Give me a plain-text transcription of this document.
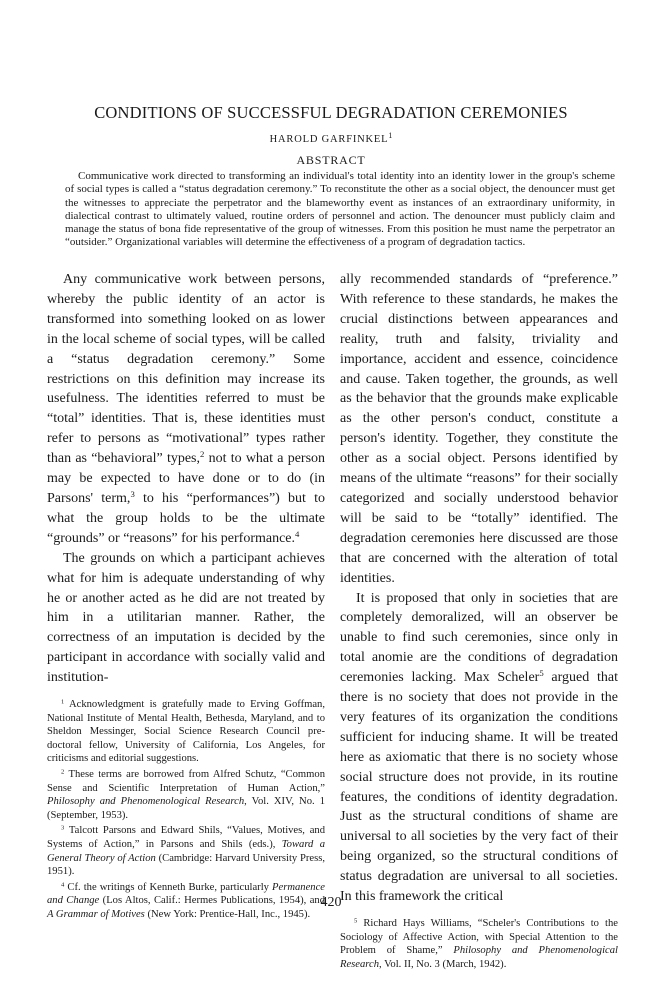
CONDITIONS OF SUCCESSFUL DEGRADATION CEREMONIES
HAROLD GARFINKEL$^1$
ABSTRACT

Communicative work directed to transforming an individual's total identity into an identity lower in the group's scheme of social types is called a “status degradation ceremony.” To reconstitute the other as a social object, the denouncer must get the witnesses to appreciate the perpetrator and the blameworthy event as instances of an extraordinary uniformity, in dialectical contrast to ultimately valued, routine orders of personnel and action. The denouncer must publicly claim and manage the status of bona fide representative of the group of witnesses. From this position he must name the perpetrator an “outsider.” Organizational variables will determine the effectiveness of a program of degradation tactics.

Any communicative work between persons, whereby the public identity of an actor is transformed into something looked on as lower in the local scheme of social types, will be called a “status degradation ceremony.” Some restrictions on this definition may increase its usefulness. The identities referred to must be “total” identities. That is, these identities must refer to persons as “motivational” types rather than as “behavioral” types,$^2$ not to what a person may be expected to have done or to do (in Parsons' term,$^3$ to his “performances”) but to what the group holds to be the ultimate “grounds” or “reasons” for his performance.$^4$

The grounds on which a participant achieves what for him is adequate understanding of why he or another acted as he did are not treated by him in a utilitarian manner. Rather, the correctness of an imputation is decided by the participant in accordance with socially valid and institution-

$^1$ Acknowledgment is gratefully made to Erving Goffman, National Institute of Mental Health, Bethesda, Maryland, and to Sheldon Messinger, Social Science Research Council pre-doctoral fellow, University of California, Los Angeles, for criticisms and editorial suggestions.

$^2$ These terms are borrowed from Alfred Schutz, “Common Sense and Scientific Interpretation of Human Action,” Philosophy and Phenomenological Research, Vol. XIV, No. 1 (September, 1953).

$^3$ Talcott Parsons and Edward Shils, “Values, Motives, and Systems of Action,” in Parsons and Shils (eds.), Toward a General Theory of Action (Cambridge: Harvard University Press, 1951).

$^4$ Cf. the writings of Kenneth Burke, particularly Permanence and Change (Los Altos, Calif.: Hermes Publications, 1954), and A Grammar of Motives (New York: Prentice-Hall, Inc., 1945).

ally recommended standards of “preference.” With reference to these standards, he makes the crucial distinctions between appearances and reality, truth and falsity, triviality and importance, accident and essence, coincidence and cause. Taken together, the grounds, as well as the behavior that the grounds make explicable as the other person's conduct, constitute a person's identity. Together, they constitute the other as a social object. Persons identified by means of the ultimate “reasons” for their socially categorized and socially understood behavior will be said to be “totally” identified. The degradation ceremonies here discussed are those that are concerned with the alteration of total identities.

It is proposed that only in societies that are completely demoralized, will an observer be unable to find such ceremonies, since only in total anomie are the conditions of degradation ceremonies lacking. Max Scheler$^5$ argued that there is no society that does not provide in the very features of its organization the conditions sufficient for inducing shame. It will be treated here as axiomatic that there is no society whose social structure does not provide, in its routine features, the conditions of identity degradation. Just as the structural conditions of shame are universal to all societies by the very fact of their being organized, so the structural conditions of status degradation are universal to all societies. In this framework the critical

$^5$ Richard Hays Williams, “Scheler's Contributions to the Sociology of Affective Action, with Special Attention to the Problem of Shame,” Philosophy and Phenomenological Research, Vol. II, No. 3 (March, 1942).

420
